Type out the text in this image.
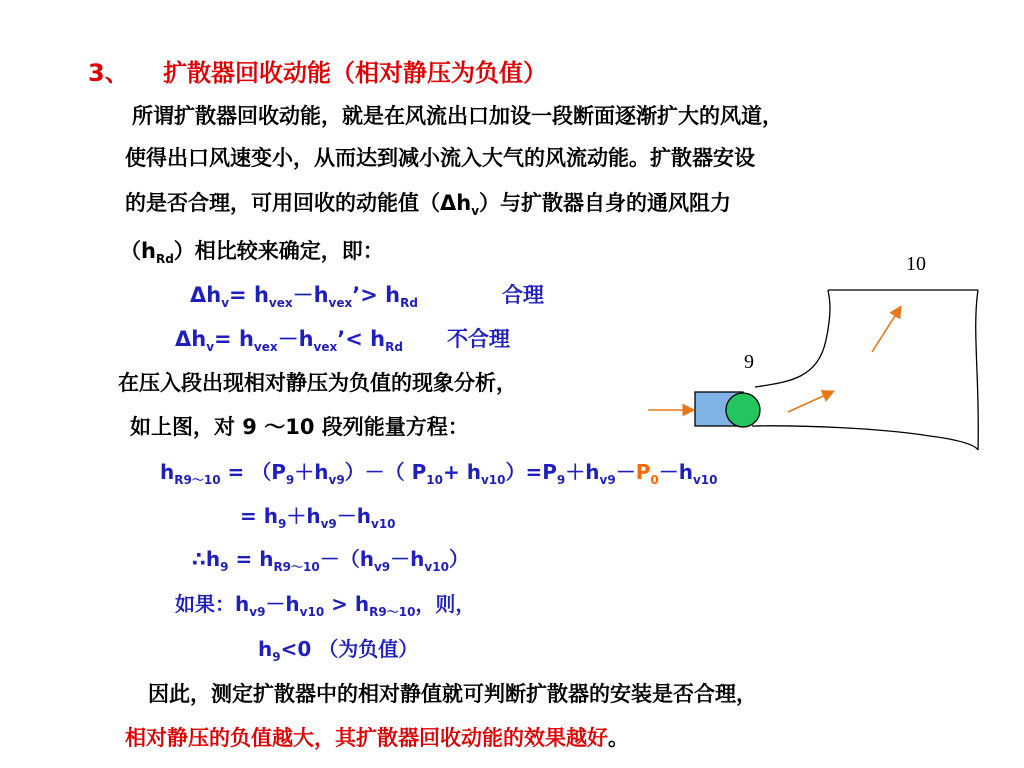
3、 扩散器回收动能（相对静压为负值）
所谓扩散器回收动能，就是在风流出口加设一段断面逐渐扩大的风道，
使得出口风速变小，从而达到减小流入大气的风流动能。扩散器安设
的是否合理，可用回收的动能值$(\Delta h_v)$与扩散器自身的通风阻力
$(h_{Rd})$相比较来确定，即：
$\Delta h_v=$ $h_{vex}-h_{vex}’> h_{Rd}$	合理
$\Delta h_v=$ $h_{vex}-h_{vex}’< h_{Rd}$ 不合理
在压入段出现相对静压为负值的现象分析，
如上图，对 9 ～10 段列能量方程：
$h_{R9\sim 10} = (P_9+h_{v9})-$（ $P_{10}+ h_{v10})=P_9+h_{v9}-P_0-h_{v10}$
= $h_9+h_{v9}-h_{v10}$
$\therefore h_9 = h_{R9\sim 10}-(h_{v9}-h_{v10})$
如果：$h_{v9}-h_{v10} > h_{R9\sim 10}$，则，
$h_9<0$ （为负值）
因此，测定扩散器中的相对静值就可判断扩散器的安装是否合理，
相对静压的负值越大，其扩散器回收动能的效果越好。
10
9
